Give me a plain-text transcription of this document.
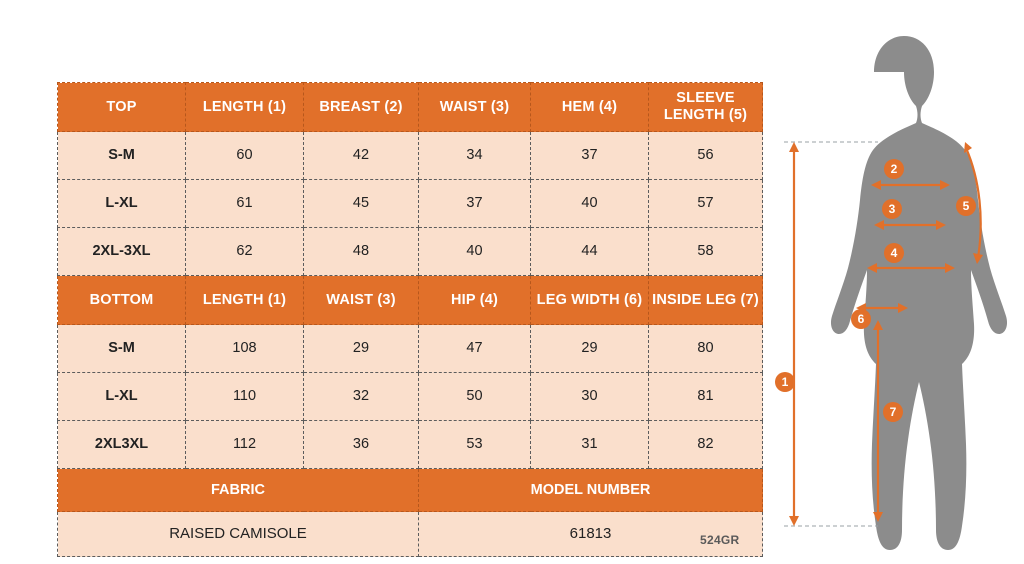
TOP	LENGTH (1)	BREAST (2)	WAIST (3)	HEM (4)	SLEEVE LENGTH (5)
S-M	60	42	34	37	56
L-XL	61	45	37	40	57
2XL-3XL	62	48	40	44	58
BOTTOM	LENGTH (1)	WAIST (3)	HIP (4)	LEG WIDTH (6)	INSIDE LEG (7)
S-M	108	29	47	29	80
L-XL	110	32	50	30	81
2XL3XL	112	36	53	31	82
FABRIC			MODEL NUMBER		
RAISED CAMISOLE			61813			524GR
1
2
3
4
5
6
7
